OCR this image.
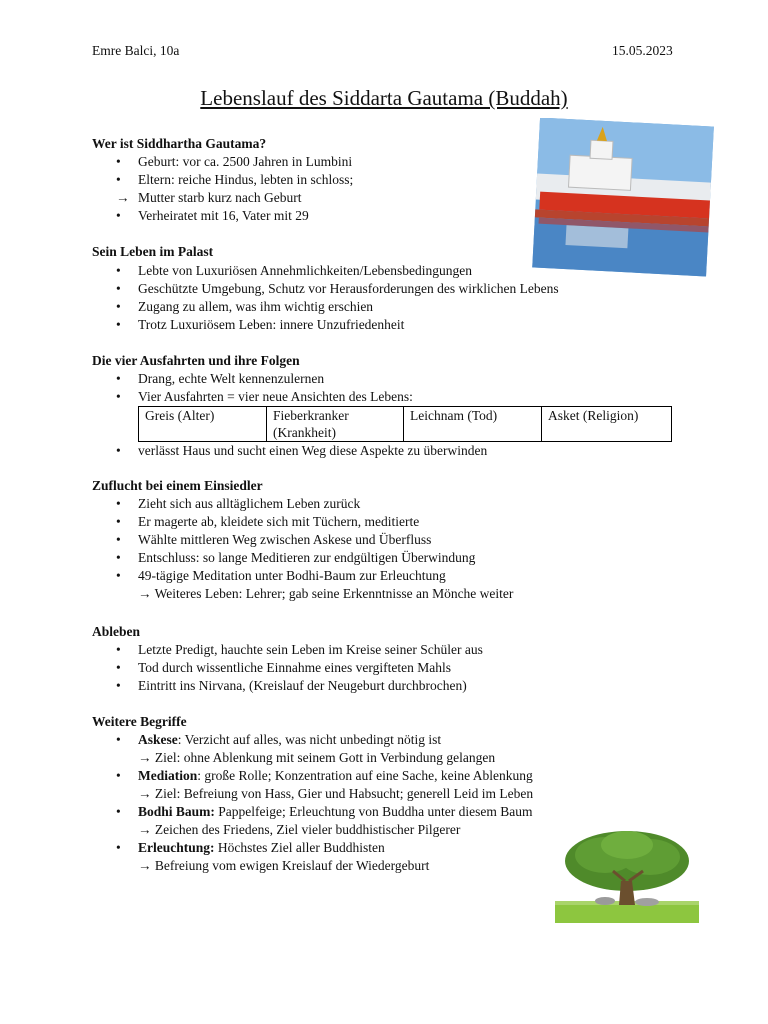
Emre Balci, 10a	15.05.2023
Lebenslauf des Siddarta Gautama (Buddah)
Wer ist Siddhartha Gautama?
• Geburt: vor ca. 2500 Jahren in Lumbini
• Eltern: reiche Hindus, lebten in schloss;
→ Mutter starb kurz nach Geburt
• Verheiratet mit 16, Vater mit 29
Sein Leben im Palast
• Lebte von Luxuriösen Annehmlichkeiten/Lebensbedingungen
• Geschützte Umgebung, Schutz vor Herausforderungen des wirklichen Lebens
• Zugang zu allem, was ihm wichtig erschien
• Trotz Luxuriösem Leben: innere Unzufriedenheit
Die vier Ausfahrten und ihre Folgen
• Drang, echte Welt kennenzulernen
• Vier Ausfahrten = vier neue Ansichten des Lebens:
Greis (Alter)	Fieberkranker (Krankheit)	Leichnam (Tod)	Asket (Religion)
• verlässt Haus und sucht einen Weg diese Aspekte zu überwinden
Zuflucht bei einem Einsiedler
• Zieht sich aus alltäglichem Leben zurück
• Er magerte ab, kleidete sich mit Tüchern, meditierte
• Wählte mittleren Weg zwischen Askese und Überfluss
• Entschluss: so lange Meditieren zur endgültigen Überwindung
• 49-tägige Meditation unter Bodhi-Baum zur Erleuchtung
→ Weiteres Leben: Lehrer; gab seine Erkenntnisse an Mönche weiter
Ableben
• Letzte Predigt, hauchte sein Leben im Kreise seiner Schüler aus
• Tod durch wissentliche Einnahme eines vergifteten Mahls
• Eintritt ins Nirvana, (Kreislauf der Neugeburt durchbrochen)
Weitere Begriffe
• Askese: Verzicht auf alles, was nicht unbedingt nötig ist
→ Ziel: ohne Ablenkung mit seinem Gott in Verbindung gelangen
• Mediation: große Rolle; Konzentration auf eine Sache, keine Ablenkung
→ Ziel: Befreiung von Hass, Gier und Habsucht; generell Leid im Leben
• Bodhi Baum: Pappelfeige; Erleuchtung von Buddha unter diesem Baum
→ Zeichen des Friedens, Ziel vieler buddhistischer Pilgerer
• Erleuchtung: Höchstes Ziel aller Buddhisten
→ Befreiung vom ewigen Kreislauf der Wiedergeburt
